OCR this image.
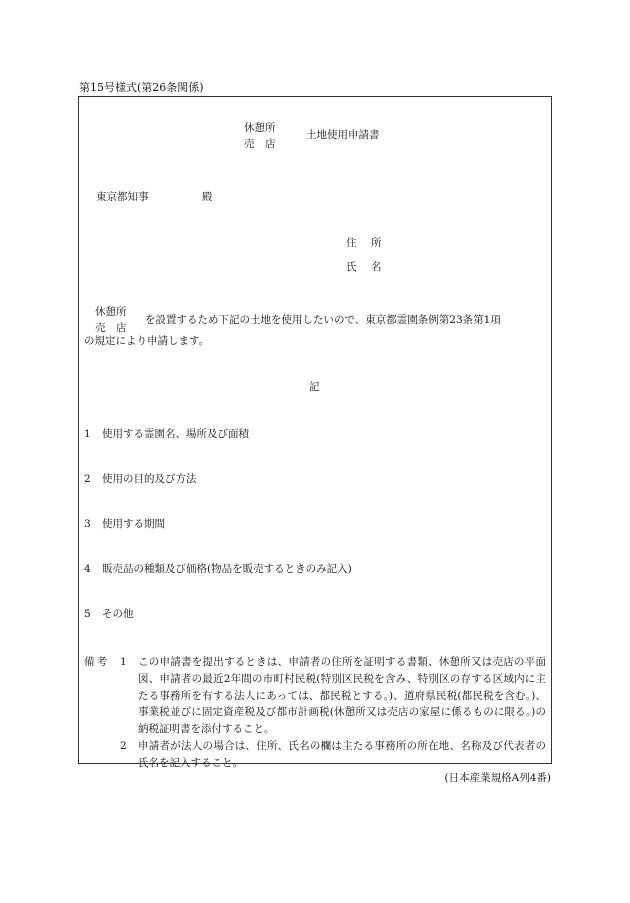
第15号様式(第26条関係)
休憩所
売　店
土地使用申請書
東京都知事	殿
住　所
氏　名
休憩所
売　店
を設置するため下記の土地を使用したいので、東京都霊園条例第23条第1項
の規定により申請します。
記
1 使用する霊園名、場所及び面積
2 使用の目的及び方法
3 使用する期間
4 販売品の種類及び価格(物品を販売するときのみ記入)
5 その他
備考 1 この申請書を提出するときは、申請者の住所を証明する書類、休憩所又は売店の平面図、申請者の最近2年間の市町村民税(特別区民税を含み、特別区の存する区域内に主たる事務所を有する法人にあっては、都民税とする。)、道府県民税(都民税を含む。)、事業税並びに固定資産税及び都市計画税(休憩所又は売店の家屋に係るものに限る。)の納税証明書を添付すること。
2 申請者が法人の場合は、住所、氏名の欄は主たる事務所の所在地、名称及び代表者の氏名を記入すること。
(日本産業規格A列4番)
